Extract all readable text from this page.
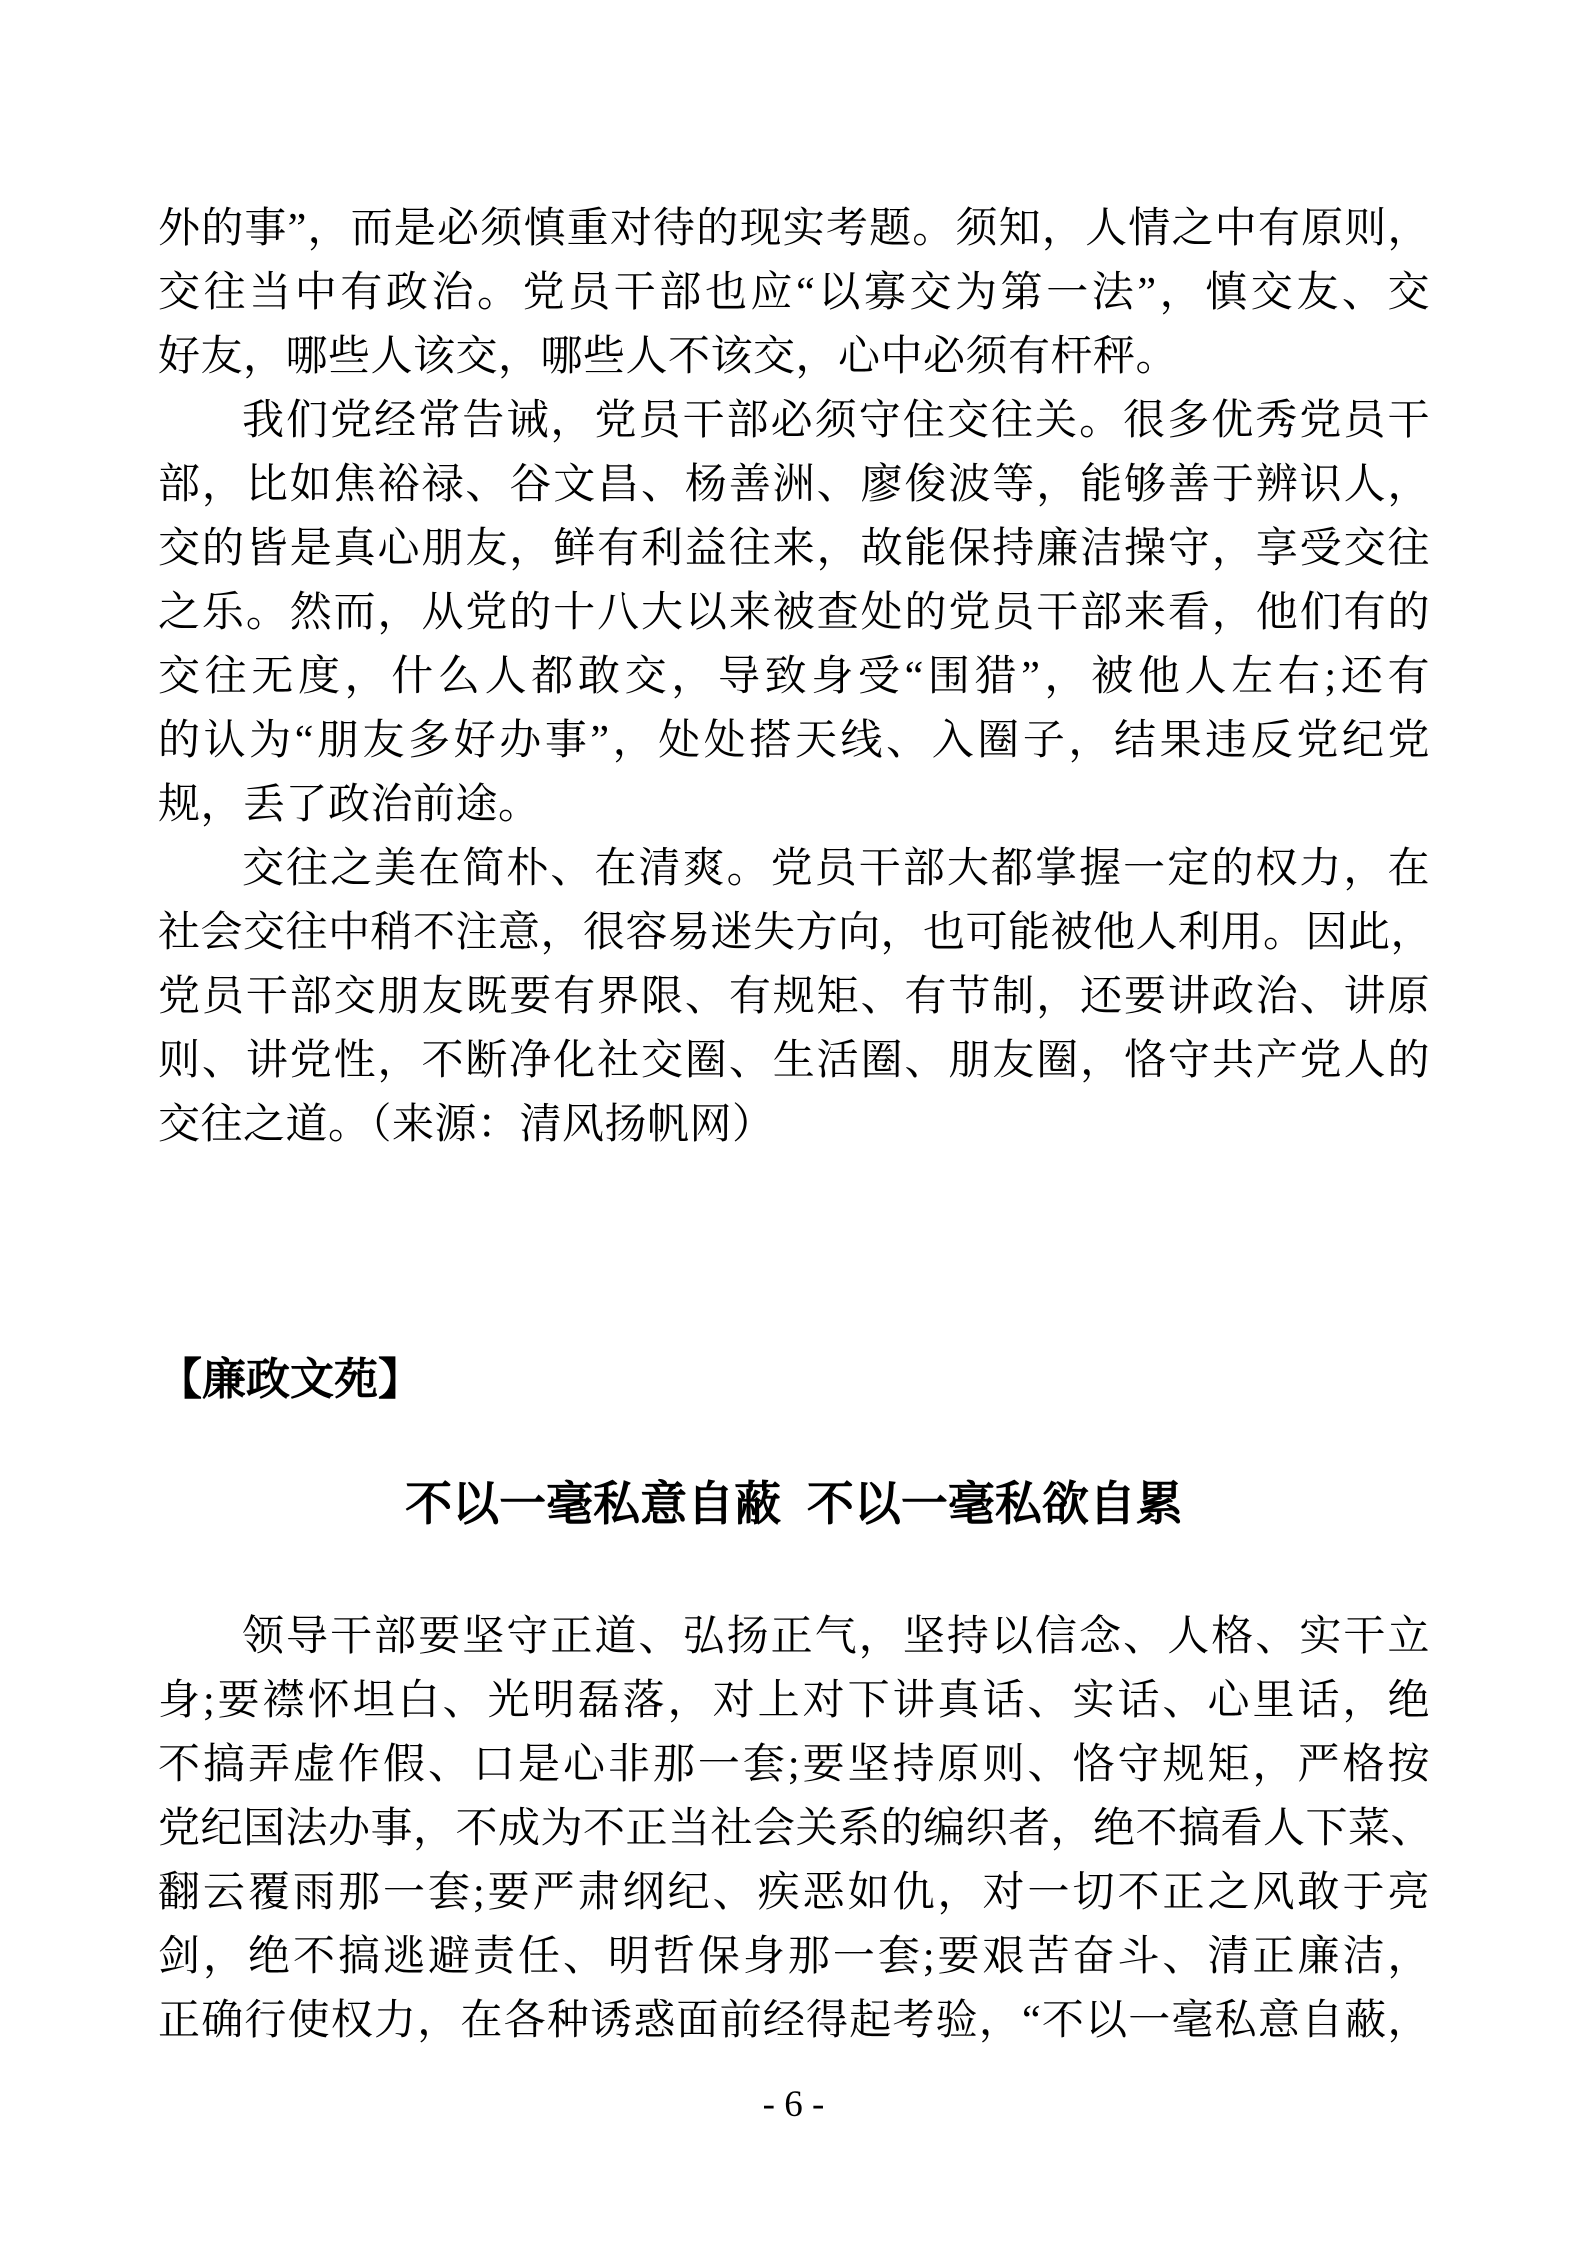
外的事”，而是必须慎重对待的现实考题。须知，人情之中有原则，
交往当中有政治。党员干部也应“以寡交为第一法”，慎交友、交
好友，哪些人该交，哪些人不该交，心中必须有杆秤。
我们党经常告诫，党员干部必须守住交往关。很多优秀党员干
部，比如焦裕禄、谷文昌、杨善洲、廖俊波等，能够善于辨识人，
交的皆是真心朋友，鲜有利益往来，故能保持廉洁操守，享受交往
之乐。然而，从党的十八大以来被查处的党员干部来看，他们有的
交往无度，什么人都敢交，导致身受“围猎”，被他人左右;还有
的认为“朋友多好办事”，处处搭天线、入圈子，结果违反党纪党
规，丢了政治前途。
交往之美在简朴、在清爽。党员干部大都掌握一定的权力，在
社会交往中稍不注意，很容易迷失方向，也可能被他人利用。因此，
党员干部交朋友既要有界限、有规矩、有节制，还要讲政治、讲原
则、讲党性，不断净化社交圈、生活圈、朋友圈，恪守共产党人的
交往之道。（来源：清风扬帆网）
【廉政文苑】
不以一毫私意自蔽 不以一毫私欲自累
领导干部要坚守正道、弘扬正气，坚持以信念、人格、实干立
身;要襟怀坦白、光明磊落，对上对下讲真话、实话、心里话，绝
不搞弄虚作假、口是心非那一套;要坚持原则、恪守规矩，严格按
党纪国法办事，不成为不正当社会关系的编织者，绝不搞看人下菜、
翻云覆雨那一套;要严肃纲纪、疾恶如仇，对一切不正之风敢于亮
剑，绝不搞逃避责任、明哲保身那一套;要艰苦奋斗、清正廉洁，
正确行使权力，在各种诱惑面前经得起考验，“不以一毫私意自蔽，
- 6 -
